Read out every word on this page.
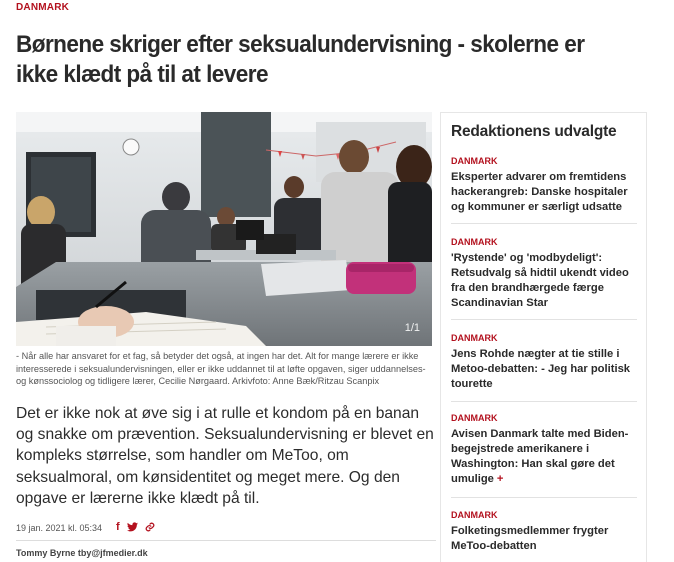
DANMARK
Børnene skriger efter seksualundervisning - skolerne er ikke klædt på til at levere
1/1

- Når alle har ansvaret for et fag, så betyder det også, at ingen har det. Alt for mange lærere er ikke interesserede i seksualundervisningen, eller er ikke uddannet til at løfte opgaven, siger uddannelses- og kønssociolog og tidligere lærer, Cecilie Nørgaard. Arkivfoto: Anne Bæk/Ritzau Scanpix

Det er ikke nok at øve sig i at rulle et kondom på en banan og snakke om prævention. Seksualundervisning er blevet en kompleks størrelse, som handler om MeToo, om seksualmoral, om kønsidentitet og meget mere. Og den opgave er lærerne ikke klædt på til.

19 jan. 2021 kl. 05:34 f
Tommy Byrne tby@jfmedier.dk
Redaktionens udvalgte
DANMARK
Eksperter advarer om fremtidens hackerangreb: Danske hospitaler og kommuner er særligt udsatte
DANMARK
'Rystende' og 'modbydeligt': Retsudvalg så hidtil ukendt video fra den brandhærgede færge Scandinavian Star
DANMARK
Jens Rohde nægter at tie stille i Metoo-debatten: - Jeg har politisk tourette
DANMARK
Avisen Danmark talte med Biden-begejstrede amerikanere i Washington: Han skal gøre det umulige +
DANMARK
Folketingsmedlemmer frygter MeToo-debatten
